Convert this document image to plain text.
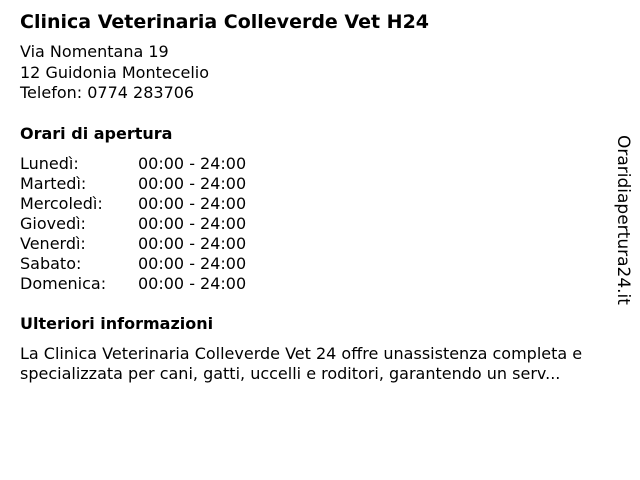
Clinica Veterinaria Colleverde Vet H24
Via Nomentana 19
12 Guidonia Montecelio
Telefon: 0774 283706
Orari di apertura
Lunedì:	00:00 - 24:00
Martedì:	00:00 - 24:00
Mercoledì: 00:00 - 24:00
Giovedì:	00:00 - 24:00
Venerdì:	00:00 - 24:00
Sabato:	00:00 - 24:00
Domenica: 00:00 - 24:00
Ulteriori informazioni
La Clinica Veterinaria Colleverde Vet 24 offre unassistenza completa e
specializzata per cani, gatti, uccelli e roditori, garantendo un serv...
Oraridiapertura24.it
